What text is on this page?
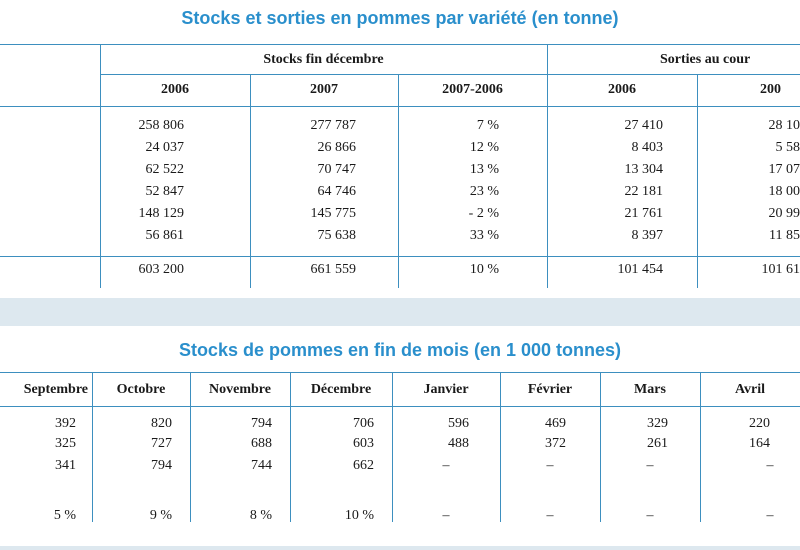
Stocks et sorties en pommes par variété (en tonne)
Stocks fin décembre	Sorties au cour
2006	2007	2007-2006	2006	200
258 806	277 787	7 %	27 410	28 10
24 037	26 866	12 %	8 403	5 58
62 522	70 747	13 %	13 304	17 07
52 847	64 746	23 %	22 181	18 00
148 129	145 775	- 2 %	21 761	20 99
56 861	75 638	33 %	8 397	11 85
603 200	661 559	10 %	101 454	101 61
Stocks de pommes en fin de mois (en 1 000 tonnes)
Septembre	Octobre	Novembre	Décembre	Janvier	Février	Mars	Avril
392	820	794	706	596	469	329	220
325	727	688	603	488	372	261	164
341	794	744	662	–	–	–	–
5 %	9 %	8 %	10 %	–	–	–	–
